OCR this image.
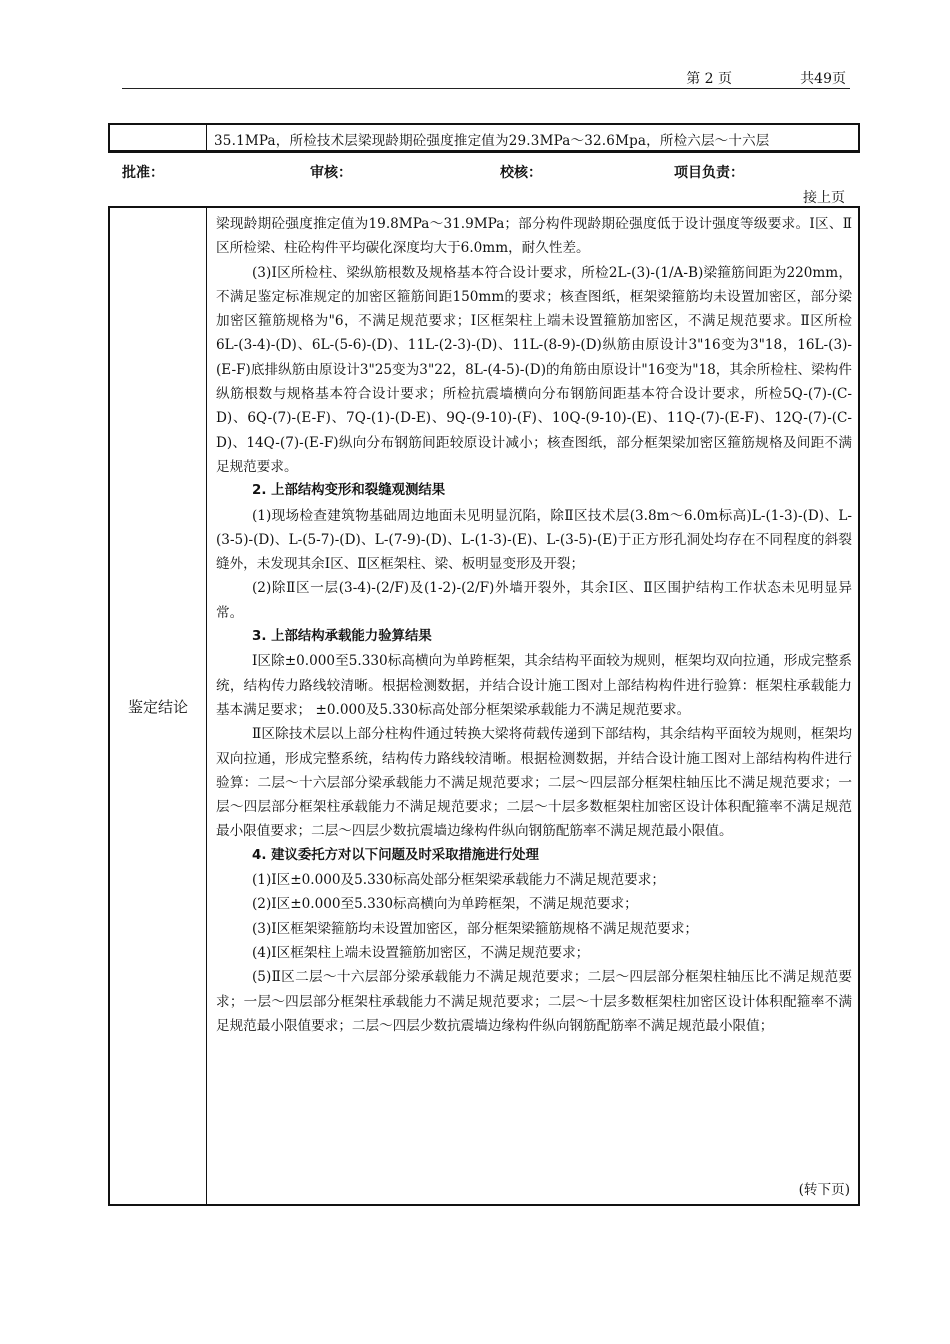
第 2 页	共49页
35.1MPa，所检技术层梁现龄期砼强度推定值为29.3MPa～32.6Mpa，所检六层～十六层
批准：	审核：	校核：	项目负责：
接上页
鉴定结论

梁现龄期砼强度推定值为19.8MPa～31.9MPa；部分构件现龄期砼强度低于设计强度等级要求。Ⅰ区、Ⅱ区所检梁、柱砼构件平均碳化深度均大于6.0mm，耐久性差。

(3)Ⅰ区所检柱、梁纵筋根数及规格基本符合设计要求，所检2L-(3)-(1/A-B)梁箍筋间距为220mm，不满足鉴定标准规定的加密区箍筋间距150mm的要求；核查图纸，框架梁箍筋均未设置加密区，部分梁加密区箍筋规格为"6，不满足规范要求；Ⅰ区框架柱上端未设置箍筋加密区，不满足规范要求。Ⅱ区所检6L-(3-4)-(D)、6L-(5-6)-(D)、11L-(2-3)-(D)、11L-(8-9)-(D)纵筋由原设计3"16变为3"18，16L-(3)-(E-F)底排纵筋由原设计3"25变为3"22，8L-(4-5)-(D)的角筋由原设计"16变为"18，其余所检柱、梁构件纵筋根数与规格基本符合设计要求；所检抗震墙横向分布钢筋间距基本符合设计要求，所检5Q-(7)-(C-D)、6Q-(7)-(E-F)、7Q-(1)-(D-E)、9Q-(9-10)-(F)、10Q-(9-10)-(E)、11Q-(7)-(E-F)、12Q-(7)-(C-D)、14Q-(7)-(E-F)纵向分布钢筋间距较原设计减小；核查图纸，部分框架梁加密区箍筋规格及间距不满足规范要求。

2. 上部结构变形和裂缝观测结果

(1)现场检查建筑物基础周边地面未见明显沉陷，除Ⅱ区技术层(3.8m～6.0m标高)L-(1-3)-(D)、L-(3-5)-(D)、L-(5-7)-(D)、L-(7-9)-(D)、L-(1-3)-(E)、L-(3-5)-(E)于正方形孔洞处均存在不同程度的斜裂缝外，未发现其余Ⅰ区、Ⅱ区框架柱、梁、板明显变形及开裂；

(2)除Ⅱ区一层(3-4)-(2/F)及(1-2)-(2/F)外墙开裂外，其余Ⅰ区、Ⅱ区围护结构工作状态未见明显异常。

3. 上部结构承载能力验算结果

Ⅰ区除±0.000至5.330标高横向为单跨框架，其余结构平面较为规则，框架均双向拉通，形成完整系统，结构传力路线较清晰。根据检测数据，并结合设计施工图对上部结构构件进行验算：框架柱承载能力基本满足要求； ±0.000及5.330标高处部分框架梁承载能力不满足规范要求。

Ⅱ区除技术层以上部分柱构件通过转换大梁将荷载传递到下部结构，其余结构平面较为规则，框架均双向拉通，形成完整系统，结构传力路线较清晰。根据检测数据，并结合设计施工图对上部结构构件进行验算：二层～十六层部分梁承载能力不满足规范要求；二层～四层部分框架柱轴压比不满足规范要求；一层～四层部分框架柱承载能力不满足规范要求；二层～十层多数框架柱加密区设计体积配箍率不满足规范最小限值要求；二层～四层少数抗震墙边缘构件纵向钢筋配筋率不满足规范最小限值。

4. 建议委托方对以下问题及时采取措施进行处理

(1)Ⅰ区±0.000及5.330标高处部分框架梁承载能力不满足规范要求；

(2)Ⅰ区±0.000至5.330标高横向为单跨框架，不满足规范要求；

(3)Ⅰ区框架梁箍筋均未设置加密区，部分框架梁箍筋规格不满足规范要求；

(4)Ⅰ区框架柱上端未设置箍筋加密区，不满足规范要求；

(5)Ⅱ区二层～十六层部分梁承载能力不满足规范要求；二层～四层部分框架柱轴压比不满足规范要求；一层～四层部分框架柱承载能力不满足规范要求；二层～十层多数框架柱加密区设计体积配箍率不满足规范最小限值要求；二层～四层少数抗震墙边缘构件纵向钢筋配筋率不满足规范最小限值；

(转下页)
